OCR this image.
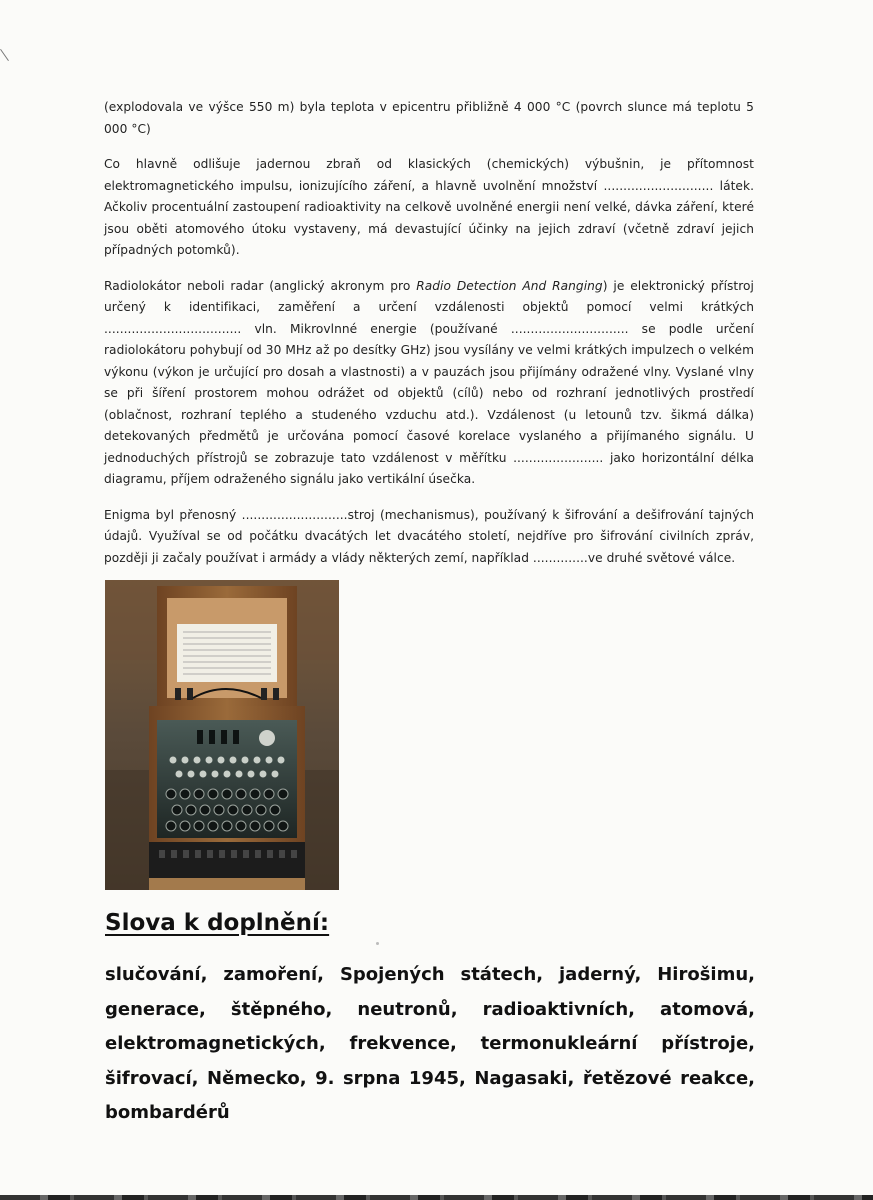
(explodovala ve výšce 550 m) byla teplota v epicentru přibližně 4 000 °C (povrch slunce má teplotu 5 000 °C)

Co hlavně odlišuje jadernou zbraň od klasických (chemických) výbušnin, je přítomnost elektromagnetického impulsu, ionizujícího záření, a hlavně uvolnění množství ............................ látek. Ačkoliv procentuální zastoupení radioaktivity na celkově uvolněné energii není velké, dávka záření, které jsou oběti atomového útoku vystaveny, má devastující účinky na jejich zdraví (včetně zdraví jejich případných potomků).

Radiolokátor neboli radar (anglický akronym pro Radio Detection And Ranging) je elektronický přístroj určený k identifikaci, zaměření a určení vzdálenosti objektů pomocí velmi krátkých ................................... vln. Mikrovlnné energie (používané .............................. se podle určení radiolokátoru pohybují od 30 MHz až po desítky GHz) jsou vysílány ve velmi krátkých impulzech o velkém výkonu (výkon je určující pro dosah a vlastnosti) a v pauzách jsou přijímány odražené vlny. Vyslané vlny se při šíření prostorem mohou odrážet od objektů (cílů) nebo od rozhraní jednotlivých prostředí (oblačnost, rozhraní teplého a studeného vzduchu atd.). Vzdálenost (u letounů tzv. šikmá dálka) detekovaných předmětů je určována pomocí časové korelace vyslaného a přijímaného signálu. U jednoduchých přístrojů se zobrazuje tato vzdálenost v měřítku ....................... jako horizontální délka diagramu, příjem odraženého signálu jako vertikální úsečka.

Enigma byl přenosný ...........................stroj (mechanismus), používaný k šifrování a dešifrování tajných údajů. Využíval se od počátku dvacátých let dvacátého století, nejdříve pro šifrování civilních zpráv, později ji začaly používat i armády a vlády některých zemí, například ..............ve druhé světové válce.

Slova k doplnění:

slučování, zamoření, Spojených státech, jaderný, Hirošimu, generace, štěpného, neutronů, radioaktivních, atomová, elektromagnetických, frekvence, termonukleární přístroje, šifrovací, Německo, 9. srpna 1945, Nagasaki, řetězové reakce, bombardérů
